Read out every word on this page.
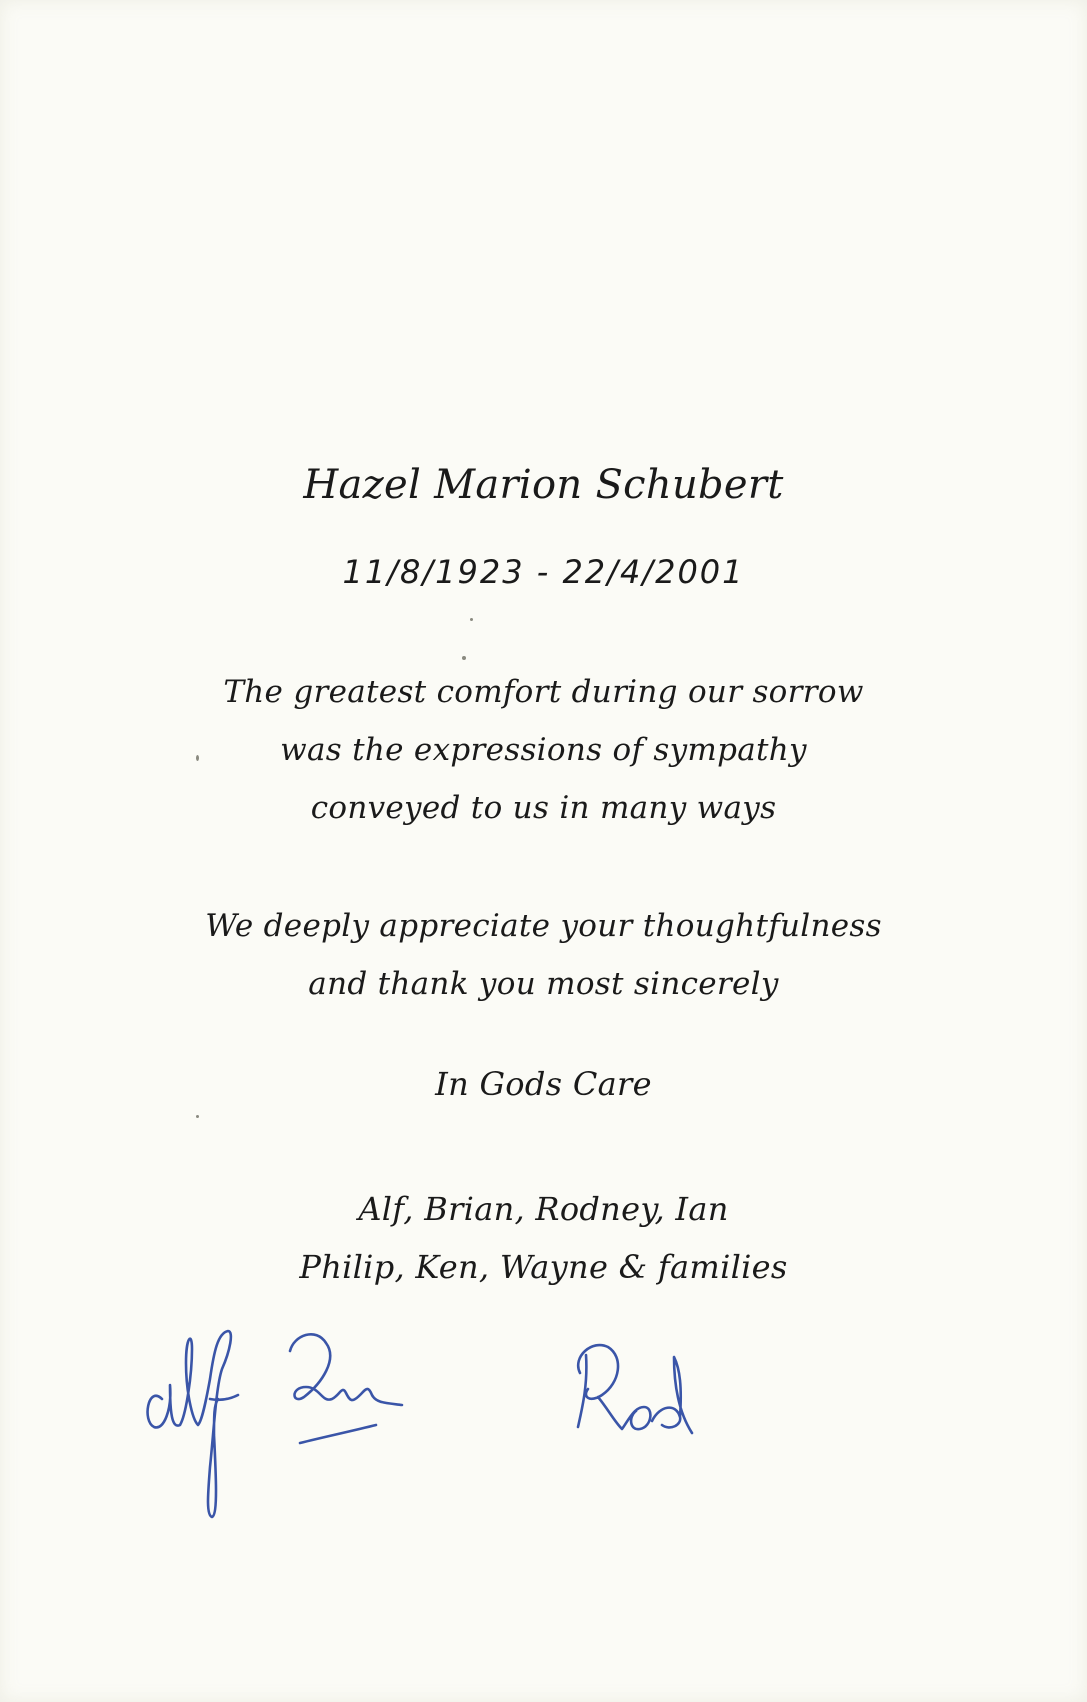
Hazel Marion Schubert
11/8/1923 - 22/4/2001
The greatest comfort during our sorrow
was the expressions of sympathy
conveyed to us in many ways
We deeply appreciate your thoughtfulness
and thank you most sincerely
In Gods Care
Alf, Brian, Rodney, Ian
Philip, Ken, Wayne & families
